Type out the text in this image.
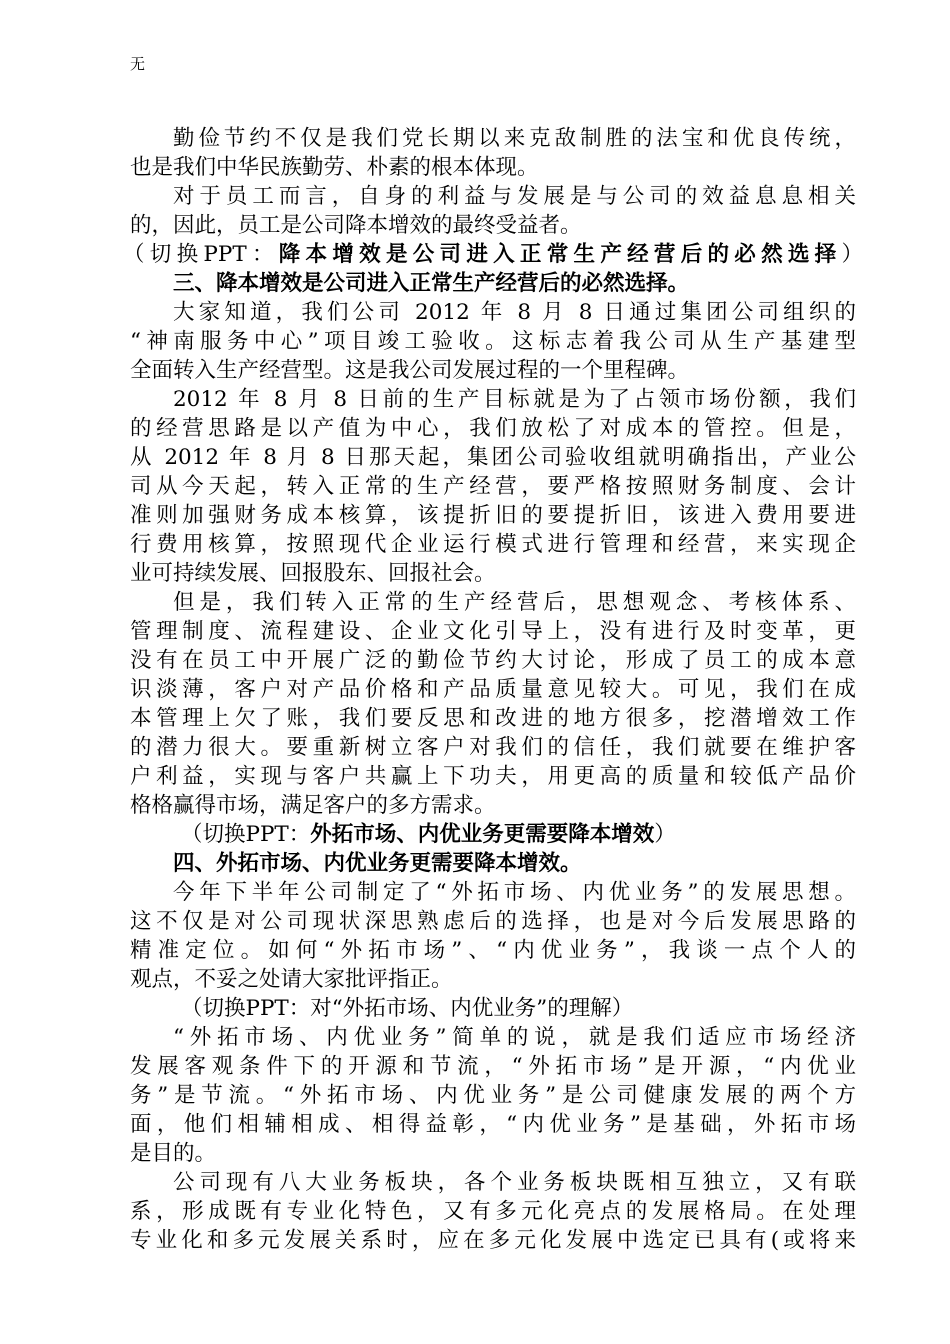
无
勤俭节约不仅是我们党长期以来克敌制胜的法宝和优良传统，
也是我们中华民族勤劳、朴素的根本体现。
对于员工而言，自身的利益与发展是与公司的效益息息相关
的，因此，员工是公司降本增效的最终受益者。
（切换PPT：降本增效是公司进入正常生产经营后的必然选择）
三、降本增效是公司进入正常生产经营后的必然选择。
大家知道，我们公司 2012 年 8 月 8 日通过集团公司组织的
“神南服务中心”项目竣工验收。这标志着我公司从生产基建型
全面转入生产经营型。这是我公司发展过程的一个里程碑。
2012 年 8 月 8 日前的生产目标就是为了占领市场份额，我们
的经营思路是以产值为中心，我们放松了对成本的管控。但是，
从 2012 年 8 月 8 日那天起，集团公司验收组就明确指出，产业公
司从今天起，转入正常的生产经营，要严格按照财务制度、会计
准则加强财务成本核算，该提折旧的要提折旧，该进入费用要进
行费用核算，按照现代企业运行模式进行管理和经营，来实现企
业可持续发展、回报股东、回报社会。
但是，我们转入正常的生产经营后，思想观念、考核体系、
管理制度、流程建设、企业文化引导上，没有进行及时变革，更
没有在员工中开展广泛的勤俭节约大讨论，形成了员工的成本意
识淡薄，客户对产品价格和产品质量意见较大。可见，我们在成
本管理上欠了账，我们要反思和改进的地方很多，挖潜增效工作
的潜力很大。要重新树立客户对我们的信任，我们就要在维护客
户利益，实现与客户共赢上下功夫，用更高的质量和较低产品价
格格赢得市场，满足客户的多方需求。
（切换PPT：外拓市场、内优业务更需要降本增效）
四、外拓市场、内优业务更需要降本增效。
今年下半年公司制定了“外拓市场、内优业务”的发展思想。
这不仅是对公司现状深思熟虑后的选择，也是对今后发展思路的
精准定位。如何“外拓市场”、“内优业务”，我谈一点个人的
观点，不妥之处请大家批评指正。
（切换PPT：对“外拓市场、内优业务”的理解）
“外拓市场、内优业务”简单的说，就是我们适应市场经济
发展客观条件下的开源和节流，“外拓市场”是开源，“内优业
务”是节流。“外拓市场、内优业务”是公司健康发展的两个方
面，他们相辅相成、相得益彰，“内优业务”是基础，外拓市场
是目的。
公司现有八大业务板块，各个业务板块既相互独立，又有联
系，形成既有专业化特色，又有多元化亮点的发展格局。在处理
专业化和多元发展关系时，应在多元化发展中选定已具有(或将来
